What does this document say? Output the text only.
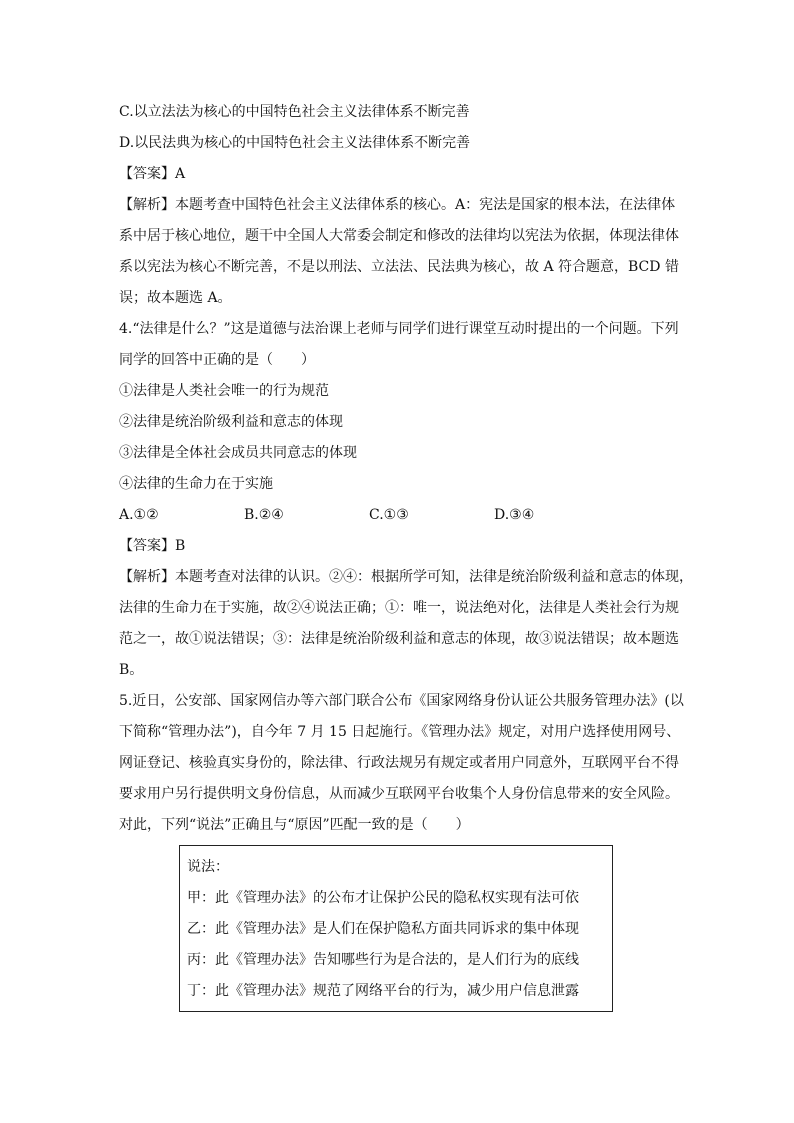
C.以立法法为核心的中国特色社会主义法律体系不断完善
D.以民法典为核心的中国特色社会主义法律体系不断完善
【答案】A
【解析】本题考查中国特色社会主义法律体系的核心。A：宪法是国家的根本法，在法律体
系中居于核心地位，题干中全国人大常委会制定和修改的法律均以宪法为依据，体现法律体
系以宪法为核心不断完善，不是以刑法、立法法、民法典为核心，故 A 符合题意，BCD 错
误；故本题选 A。
4.“法律是什么？”这是道德与法治课上老师与同学们进行课堂互动时提出的一个问题。下列
同学的回答中正确的是（　　）
①法律是人类社会唯一的行为规范
②法律是统治阶级利益和意志的体现
③法律是全体社会成员共同意志的体现
④法律的生命力在于实施
A.①②	B.②④	C.①③	D.③④
【答案】B
【解析】本题考查对法律的认识。②④：根据所学可知，法律是统治阶级利益和意志的体现，
法律的生命力在于实施，故②④说法正确；①：唯一，说法绝对化，法律是人类社会行为规
范之一，故①说法错误；③：法律是统治阶级利益和意志的体现，故③说法错误；故本题选
B。
5.近日，公安部、国家网信办等六部门联合公布《国家网络身份认证公共服务管理办法》(以
下简称“管理办法”)，自今年 7 月 15 日起施行。《管理办法》规定，对用户选择使用网号、
网证登记、核验真实身份的，除法律、行政法规另有规定或者用户同意外，互联网平台不得
要求用户另行提供明文身份信息，从而减少互联网平台收集个人身份信息带来的安全风险。
对此，下列“说法”正确且与“原因”匹配一致的是（　　）
说法：
甲：此《管理办法》的公布才让保护公民的隐私权实现有法可依
乙：此《管理办法》是人们在保护隐私方面共同诉求的集中体现
丙：此《管理办法》告知哪些行为是合法的，是人们行为的底线
丁：此《管理办法》规范了网络平台的行为，减少用户信息泄露
